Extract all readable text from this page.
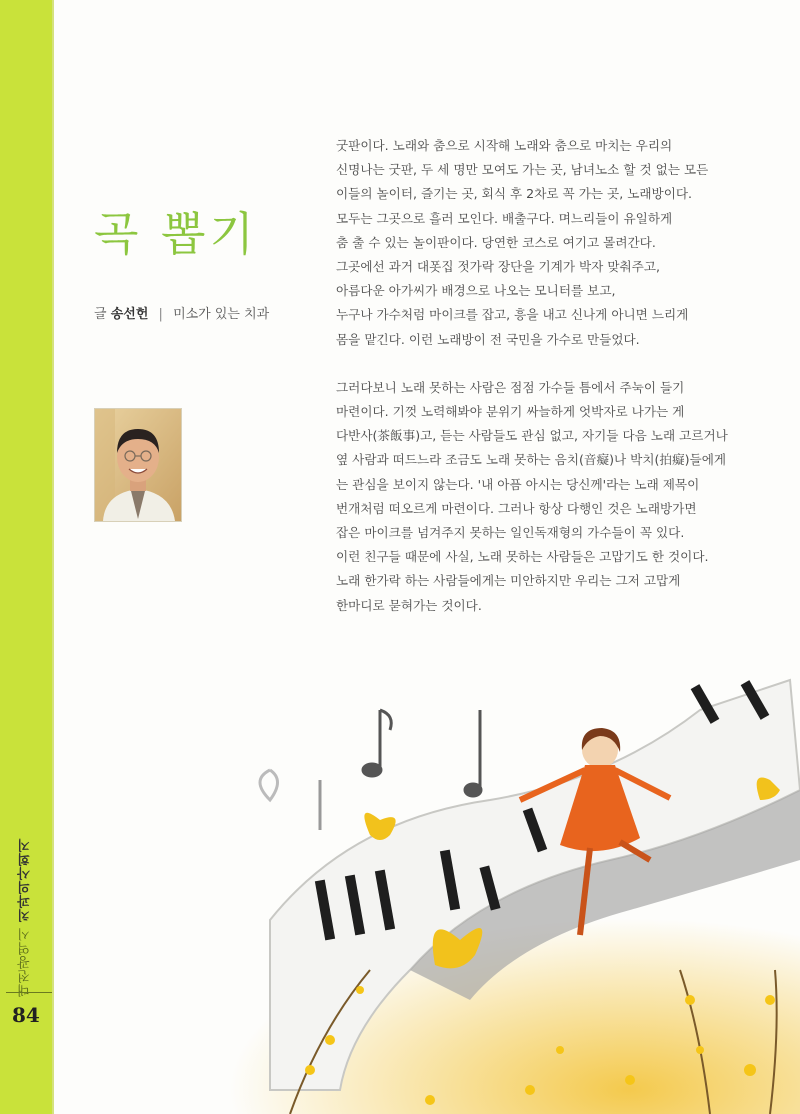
대전광역시 치과의사회지
84
곡 뽑기
글 송선헌 | 미소가 있는 치과

굿판이다. 노래와 춤으로 시작해 노래와 춤으로 마치는 우리의
신명나는 굿판, 두 세 명만 모여도 가는 곳, 남녀노소 할 것 없는 모든
이들의 놀이터, 즐기는 곳, 회식 후 2차로 꼭 가는 곳, 노래방이다.
모두는 그곳으로 흘러 모인다. 배출구다. 며느리들이 유일하게
춤 출 수 있는 놀이판이다. 당연한 코스로 여기고 몰려간다.
그곳에선 과거 대폿집 젓가락 장단을 기계가 박자 맞춰주고,
아름다운 아가씨가 배경으로 나오는 모니터를 보고,
누구나 가수처럼 마이크를 잡고, 흥을 내고 신나게 아니면 느리게
몸을 맡긴다. 이런 노래방이 전 국민을 가수로 만들었다.

그러다보니 노래 못하는 사람은 점점 가수들 틈에서 주눅이 들기
마련이다. 기껏 노력해봐야 분위기 싸늘하게 엇박자로 나가는 게
다반사(茶飯事)고, 듣는 사람들도 관심 없고, 자기들 다음 노래 고르거나
옆 사람과 떠드느라 조금도 노래 못하는 음치(音癡)나 박치(拍癡)들에게
는 관심을 보이지 않는다. '내 아픔 아시는 당신께'라는 노래 제목이
번개처럼 떠오르게 마련이다. 그러나 항상 다행인 것은 노래방가면
잡은 마이크를 넘겨주지 못하는 일인독재형의 가수들이 꼭 있다.
이런 친구들 때문에 사실, 노래 못하는 사람들은 고맙기도 한 것이다.
노래 한가락 하는 사람들에게는 미안하지만 우리는 그저 고맙게
한마디로 묻혀가는 것이다.
